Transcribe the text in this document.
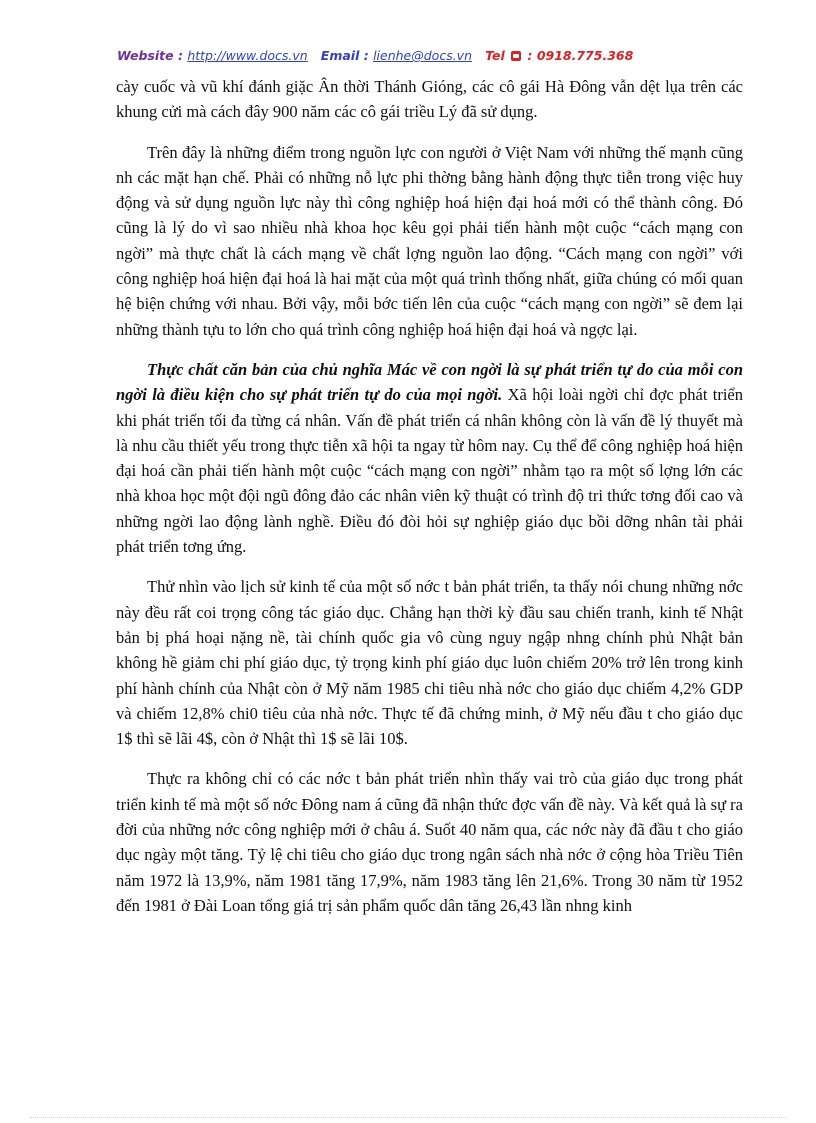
Website : http://www.docs.vn Email : lienhe@docs.vn Tel : 0918.775.368

cày cuốc và vũ khí đánh giặc Ân thời Thánh Gióng, các cô gái Hà Đông vẫn dệt lụa trên các khung cửi mà cách đây 900 năm các cô gái triều Lý đã sử dụng.

Trên đây là những điểm trong nguồn lực con người ở Việt Nam với những thế mạnh cũng nh các mặt hạn chế. Phải có những nỗ lực phi thờng bằng hành động thực tiễn trong việc huy động và sử dụng nguồn lực này thì công nghiệp hoá hiện đại hoá mới có thể thành công. Đó cũng là lý do vì sao nhiều nhà khoa học kêu gọi phải tiến hành một cuộc “cách mạng con ngời” mà thực chất là cách mạng về chất lợng nguồn lao động. “Cách mạng con ngời” với công nghiệp hoá hiện đại hoá là hai mặt của một quá trình thống nhất, giữa chúng có mối quan hệ biện chứng với nhau. Bởi vậy, mỗi bớc tiến lên của cuộc “cách mạng con ngời” sẽ đem lại những thành tựu to lớn cho quá trình công nghiệp hoá hiện đại hoá và ngợc lại.

Thực chất căn bản của chủ nghĩa Mác về con ngời là sự phát triển tự do của mỗi con ngời là điều kiện cho sự phát triển tự do của mọi ngời. Xã hội loài ngời chỉ đợc phát triển khi phát triển tối đa từng cá nhân. Vấn đề phát triển cá nhân không còn là vấn đề lý thuyết mà là nhu cầu thiết yếu trong thực tiễn xã hội ta ngay từ hôm nay. Cụ thể để công nghiệp hoá hiện đại hoá cần phải tiến hành một cuộc “cách mạng con ngời” nhằm tạo ra một số lợng lớn các nhà khoa học một đội ngũ đông đảo các nhân viên kỹ thuật có trình độ tri thức tơng đối cao và những ngời lao động lành nghề. Điều đó đòi hỏi sự nghiệp giáo dục bồi dỡng nhân tài phải phát triển tơng ứng.

Thử nhìn vào lịch sử kinh tế của một số nớc t bản phát triển, ta thấy nói chung những nớc này đều rất coi trọng công tác giáo dục. Chẳng hạn thời kỳ đầu sau chiến tranh, kinh tế Nhật bản bị phá hoại nặng nề, tài chính quốc gia vô cùng nguy ngập nhng chính phủ Nhật bản không hề giảm chi phí giáo dục, tỷ trọng kinh phí giáo dục luôn chiếm 20% trở lên trong kinh phí hành chính của Nhật còn ở Mỹ năm 1985 chi tiêu nhà nớc cho giáo dục chiếm 4,2% GDP và chiếm 12,8% chi0 tiêu của nhà nớc. Thực tế đã chứng minh, ở Mỹ nếu đầu t cho giáo dục 1$ thì sẽ lãi 4$, còn ở Nhật thì 1$ sẽ lãi 10$.

Thực ra không chỉ có các nớc t bản phát triển nhìn thấy vai trò của giáo dục trong phát triển kinh tế mà một số nớc Đông nam á cũng đã nhận thức đợc vấn đề này. Và kết quả là sự ra đời của những nớc công nghiệp mới ở châu á. Suốt 40 năm qua, các nớc này đã đầu t cho giáo dục ngày một tăng. Tỷ lệ chi tiêu cho giáo dục trong ngân sách nhà nớc ở cộng hòa Triều Tiên năm 1972 là 13,9%, năm 1981 tăng 17,9%, năm 1983 tăng lên 21,6%. Trong 30 năm từ 1952 đến 1981 ở Đài Loan tổng giá trị sản phẩm quốc dân tăng 26,43 lần nhng kinh
